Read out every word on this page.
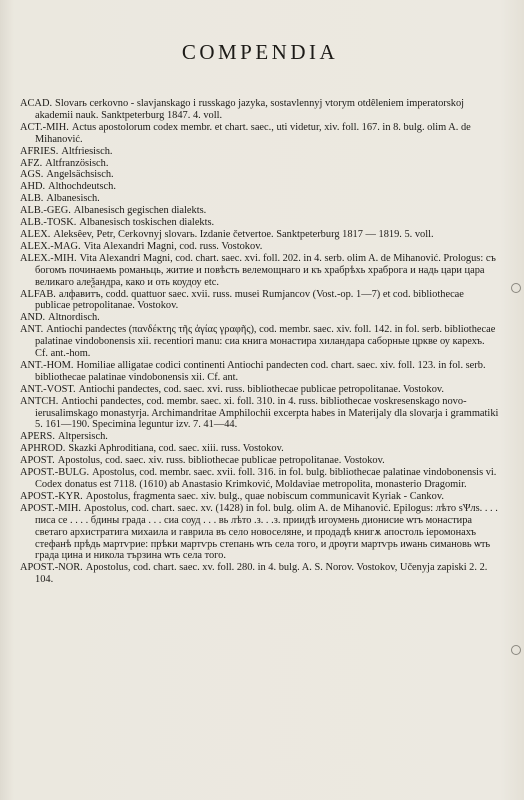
COMPENDIA

ACAD. Slovarь cerkovno - slavjanskago i russkago jazyka, sostavlennyj vtorym otdêleniem imperatorskoj akademii nauk. Sanktpeterburg 1847. 4. voll.

ACT.-MIH. Actus apostolorum codex membr. et chart. saec., uti videtur, xiv. foll. 167. in 8. bulg. olim A. de Mihanović.

AFRIES. Altfriesisch.

AFZ. Altfranzösisch.

AGS. Angelsächsisch.

AHD. Althochdeutsch.

ALB. Albanesisch.

ALB.-GEG. Albanesisch gegischen dialekts.

ALB.-TOSK. Albanesisch toskischen dialekts.

ALEX. Aleksêev, Petr, Cerkovnyj slovarь. Izdanie četvertoe. Sanktpeterburg 1817 — 1819. 5. voll.

ALEX.-MAG. Vita Alexandri Magni, cod. russ. Vostokov.

ALEX.-MIH. Vita Alexandri Magni, cod. chart. saec. xvi. foll. 202. in 4. serb. olim A. de Mihanović. Prologus: съ богомъ починаемь романьць, житие и повѣсть велемощнаго и къ храбрѣхь храброга и надь цари цара великаго алеѯандра, како и оть коудоу etc.

ALFAB. алфавитъ, codd. quattuor saec. xvii. russ. musei Rumjancov (Vost.-op. 1—7) et cod. bibliothecae publicae petropolitanae. Vostokov.

AND. Altnordisch.

ANT. Antiochi pandectes (πανδέκτης τῆς ἁγίας γραφῆς), cod. membr. saec. xiv. foll. 142. in fol. serb. bibliothecae palatinae vindobonensis xii. recentiori manu: сиа книга монастира хиландара саборные цркве оу карехъ. Cf. ant.-hom.

ANT.-HOM. Homiliae alligatae codici continenti Antiochi pandecten cod. chart. saec. xiv. foll. 123. in fol. serb. bibliothecae palatinae vindobonensis xii. Cf. ant.

ANT.-VOST. Antiochi pandectes, cod. saec. xvi. russ. bibliothecae publicae petropolitanae. Vostokov.

ANTCH. Antiochi pandectes, cod. membr. saec. xi. foll. 310. in 4. russ. bibliothecae voskresenskago novo-ierusalimskago monastyrja. Archimandritae Amphilochii excerpta habes in Materijaly dla slovarja i grammatiki 5. 161—190. Specimina leguntur izv. 7. 41—44.

APERS. Altpersisch.

APHROD. Skazki Aphroditiana, cod. saec. xiii. russ. Vostokov.

APOST. Apostolus, cod. saec. xiv. russ. bibliothecae publicae petropolitanae. Vostokov.

APOST.-BULG. Apostolus, cod. membr. saec. xvii. foll. 316. in fol. bulg. bibliothecae palatinae vindobonensis vi. Codex donatus est 7118. (1610) ab Anastasio Krimković, Moldaviae metropolita, monasterio Dragomir.

APOST.-KYR. Apostolus, fragmenta saec. xiv. bulg., quae nobiscum communicavit Kyriak - Cankov.

APOST.-MIH. Apostolus, cod. chart. saec. xv. (1428) in fol. bulg. olim A. de Mihanović. Epilogus: лѣто ѕѰлѕ. . . . писа се . . . . бдины града . . . сиа соуд . . . вь лѣто .з. . .з. приидѣ игоумень дионисие ѡтъ монастира светаго архистратига михаила и гаврила въ село новоселяне, и продадѣ книгѫ апостоль іеромонахъ стефанѣ прѣдь мартѵрие: прѣки мартѵрь степань ѡть села того, и дрѹги мартѵрь иѡань симановь ѡть града цина и никола тързина ѡть села того.

APOST.-NOR. Apostolus, cod. chart. saec. xv. foll. 280. in 4. bulg. A. S. Norov. Vostokov, Učenyja zapiski 2. 2. 104.
